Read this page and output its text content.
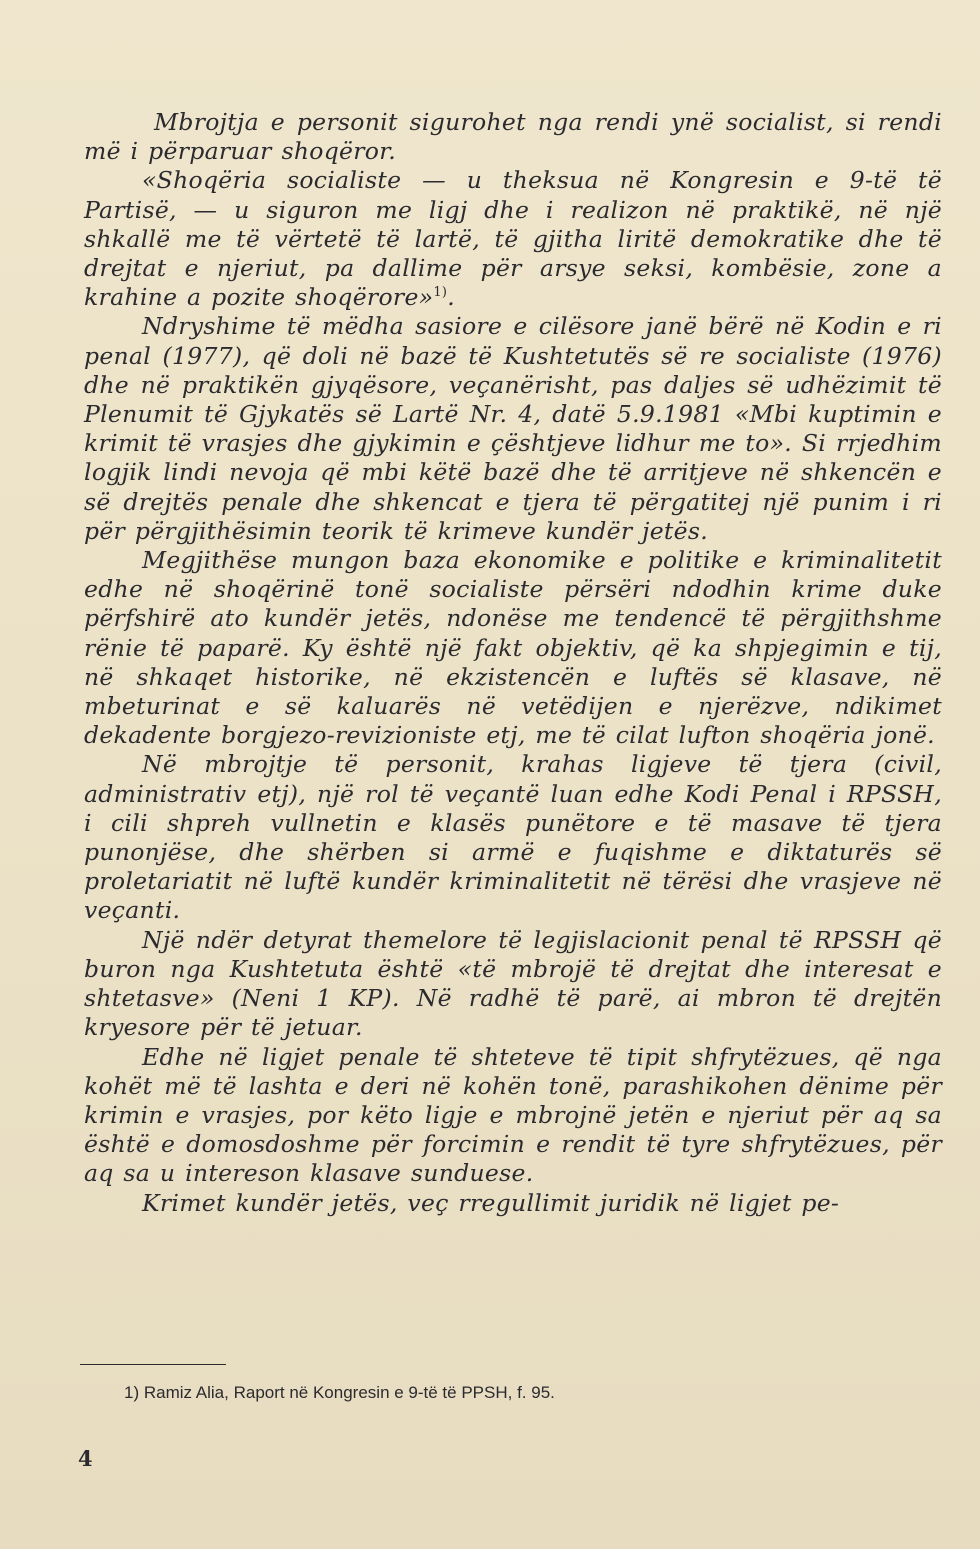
Mbrojtja e personit sigurohet nga rendi ynë socialist, si rendi më i përparuar shoqëror.

«Shoqëria socialiste — u theksua në Kongresin e 9-të të Partisë, — u siguron me ligj dhe i realizon në praktikë, në një shkallë me të vërtetë të lartë, të gjitha liritë demokratike dhe të drejtat e njeriut, pa dallime për arsye seksi, kombësie, zone a krahine a pozite shoqërore»$^{1)}$.

Ndryshime të mëdha sasiore e cilësore janë bërë në Kodin e ri penal (1977), që doli në bazë të Kushtetutës së re socialiste (1976) dhe në praktikën gjyqësore, veçanërisht, pas daljes së udhëzimit të Plenumit të Gjykatës së Lartë Nr. 4, datë 5.9.1981 «Mbi kuptimin e krimit të vrasjes dhe gjykimin e çështjeve lidhur me to». Si rrjedhim logjik lindi nevoja që mbi këtë bazë dhe të arritjeve në shkencën e së drejtës penale dhe shkencat e tjera të përgatitej një punim i ri për përgjithësimin teorik të krimeve kundër jetës.

Megjithëse mungon baza ekonomike e politike e kriminalitetit edhe në shoqërinë tonë socialiste përsëri ndodhin krime duke përfshirë ato kundër jetës, ndonëse me tendencë të përgjithshme rënie të paparë. Ky është një fakt objektiv, që ka shpjegimin e tij, në shkaqet historike, në ekzistencën e luftës së klasave, në mbeturinat e së kaluarës në vetëdijen e njerëzve, ndikimet dekadente borgjezo-revizioniste etj, me të cilat lufton shoqëria jonë.

Në mbrojtje të personit, krahas ligjeve të tjera (civil, administrativ etj), një rol të veçantë luan edhe Kodi Penal i RPSSH, i cili shpreh vullnetin e klasës punëtore e të masave të tjera punonjëse, dhe shërben si armë e fuqishme e diktaturës së proletariatit në luftë kundër kriminalitetit në tërësi dhe vrasjeve në veçanti.

Një ndër detyrat themelore të legjislacionit penal të RPSSH që buron nga Kushtetuta është «të mbrojë të drejtat dhe interesat e shtetasve» (Neni 1 KP). Në radhë të parë, ai mbron të drejtën kryesore për të jetuar.

Edhe në ligjet penale të shteteve të tipit shfrytëzues, që nga kohët më të lashta e deri në kohën tonë, parashikohen dënime për krimin e vrasjes, por këto ligje e mbrojnë jetën e njeriut për aq sa është e domosdoshme për forcimin e rendit të tyre shfrytëzues, për aq sa u intereson klasave sunduese.

Krimet kundër jetës, veç rregullimit juridik në ligjet pe-

1) Ramiz Alia, Raport në Kongresin e 9-të të PPSH, f. 95.
4
